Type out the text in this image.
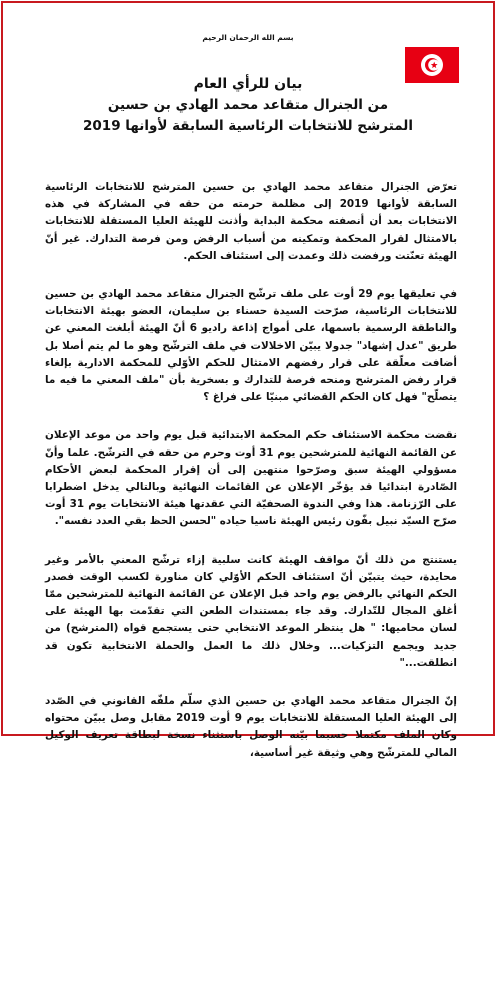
بسم الله الرحمان الرحيم
بيان للرأي العام
من الجنرال متقاعد محمد الهادي بن حسين
المترشح للانتخابات الرئاسية السابقة لأوانها 2019

تعرّض الجنرال متقاعد محمد الهادي بن حسين المترشح للانتخابات الرئاسية السابقة لأوانها 2019 إلى مظلمة حرمته من حقه في المشاركة في هذه الانتخابات بعد أن أنصفته محكمة البداية وأذنت للهيئة العليا المستقلة للانتخابات بالامتثال لقرار المحكمة وتمكينه من أسباب الرفض ومن فرصة التدارك. غير أنّ الهيئة تعنّتت ورفضت ذلك وعمدت إلى استئناف الحكم.

في تعليقها يوم 29 أوت على ملف ترشّح الجنرال متقاعد محمد الهادي بن حسين للانتخابات الرئاسية، صرّحت السيدة حسناء بن سليمان، العضو بهيئة الانتخابات والناطقة الرسمية باسمها، على أمواج إذاعة راديو 6 أنّ الهيئة أبلغت المعني عن طريق "عدل إشهاد" جدولا يبيّن الاخلالات في ملف الترشّح وهو ما لم يتم أصلا بل أضافت معلّقة على قرار رفضهم الامتثال للحكم الأوّلي للمحكمة الادارية بإلغاء قرار رفض المترشح ومنحه فرصة للتدارك و بسخرية بأن "ملف المعني ما فيه ما يتصلّح" فهل كان الحكم القضائي مبنيّا على فراغ ؟

نقضت محكمة الاستئناف حكم المحكمة الابتدائية قبل يوم واحد من موعد الإعلان عن القائمة النهائية للمترشحين يوم 31 أوت وحرم من حقه في الترشّح. علما وأنّ مسؤولي الهيئة سبق وصرّحوا منتهين إلى أن إقرار المحكمة لبعض الأحكام الصّادرة ابتدائيا قد يؤخّر الإعلان عن القائمات النهائية وبالتالي يدخل اضطرابا على الرّزنامة. هذا وفي الندوة الصحفيّة التي عقدتها هيئة الانتخابات يوم 31 أوت صرّح السيّد نبيل بفّون رئيس الهيئة ناسيا حياده "لحسن الحظ بقي العدد نفسه".

يستنتج من ذلك أنّ مواقف الهيئة كانت سلبية إزاء ترشّح المعني بالأمر وغير محايدة، حيث يتبيّن أنّ استئناف الحكم الأوّلي كان مناورة لكسب الوقت فصدر الحكم النهائي بالرفض يوم واحد قبل الإعلان عن القائمة النهائية للمترشحين ممّا أغلق المجال للتّدارك. وقد جاء بمستندات الطعن التي تقدّمت بها الهيئة على لسان محاميها: " هل ينتظر الموعد الانتخابي حتى يستجمع قواه (المترشح) من جديد ويجمع التزكيات... وخلال ذلك ما العمل والحملة الانتخابية تكون قد انطلقت..."

إنّ الجنرال متقاعد محمد الهادي بن حسين الذي سلّم ملفّه القانوني في الصّدد إلى الهيئة العليا المستقلة للانتخابات يوم 9 أوت 2019 مقابل وصل يبيّن محتواه وكان الملف مكتملا حسبما بيّنه الوصل باستثناء نسخة لبطاقة تعريف الوكيل المالي للمترشّح وهي وثيقة غير أساسية،
